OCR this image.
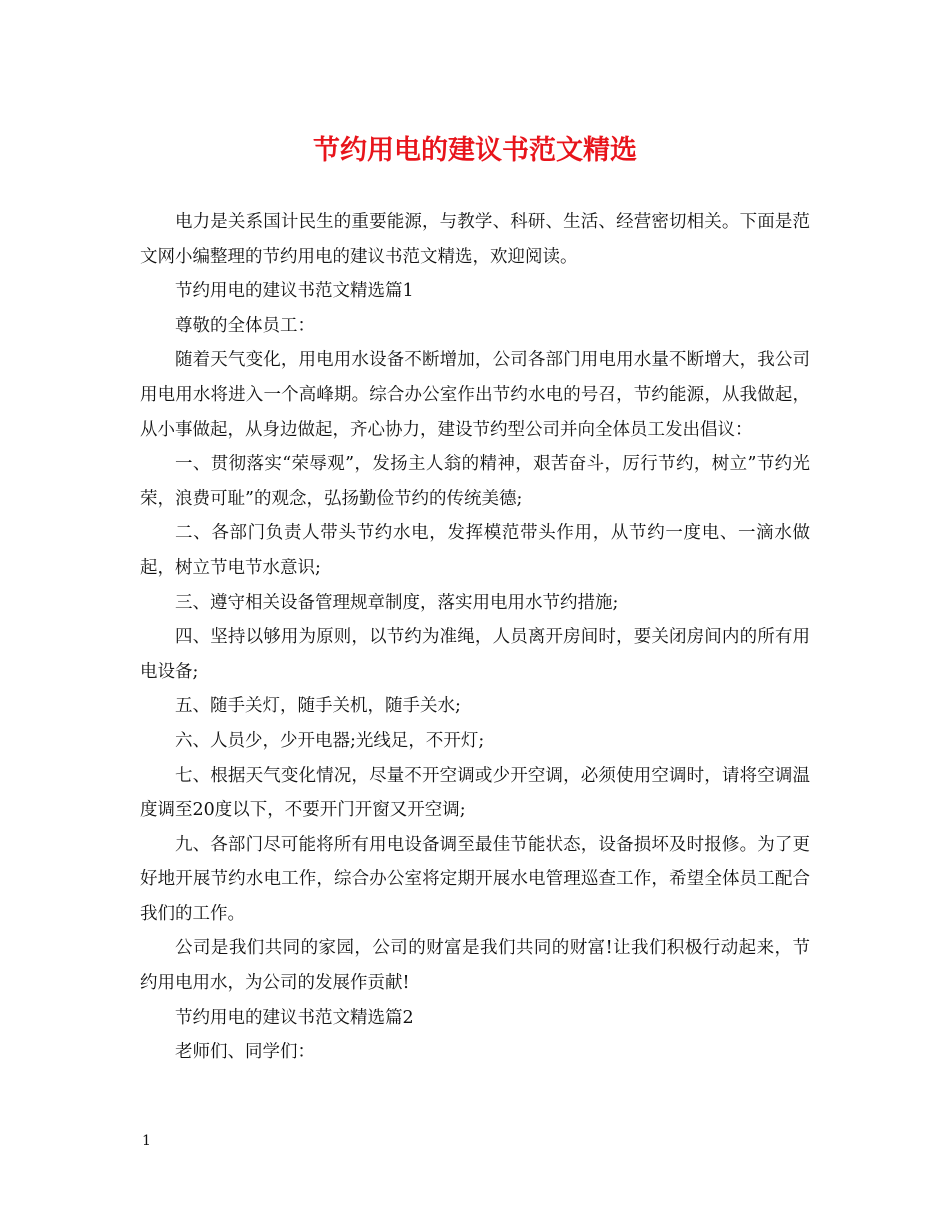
节约用电的建议书范文精选

电力是关系国计民生的重要能源，与教学、科研、生活、经营密切相关。下面是范文网小编整理的节约用电的建议书范文精选，欢迎阅读。

节约用电的建议书范文精选篇1

尊敬的全体员工：

随着天气变化，用电用水设备不断增加，公司各部门用电用水量不断增大，我公司用电用水将进入一个高峰期。综合办公室作出节约水电的号召，节约能源，从我做起，从小事做起，从身边做起，齐心协力，建设节约型公司并向全体员工发出倡议：

一、贯彻落实“荣辱观”，发扬主人翁的精神，艰苦奋斗，厉行节约，树立”节约光荣，浪费可耻”的观念，弘扬勤俭节约的传统美德;

二、各部门负责人带头节约水电，发挥模范带头作用，从节约一度电、一滴水做起，树立节电节水意识;

三、遵守相关设备管理规章制度，落实用电用水节约措施;

四、坚持以够用为原则，以节约为准绳，人员离开房间时，要关闭房间内的所有用电设备;

五、随手关灯，随手关机，随手关水;

六、人员少，少开电器;光线足，不开灯;

七、根据天气变化情况，尽量不开空调或少开空调，必须使用空调时，请将空调温度调至20度以下，不要开门开窗又开空调;

九、各部门尽可能将所有用电设备调至最佳节能状态，设备损坏及时报修。为了更好地开展节约水电工作，综合办公室将定期开展水电管理巡查工作，希望全体员工配合我们的工作。

公司是我们共同的家园，公司的财富是我们共同的财富!让我们积极行动起来，节约用电用水，为公司的发展作贡献!

节约用电的建议书范文精选篇2

老师们、同学们：

1
